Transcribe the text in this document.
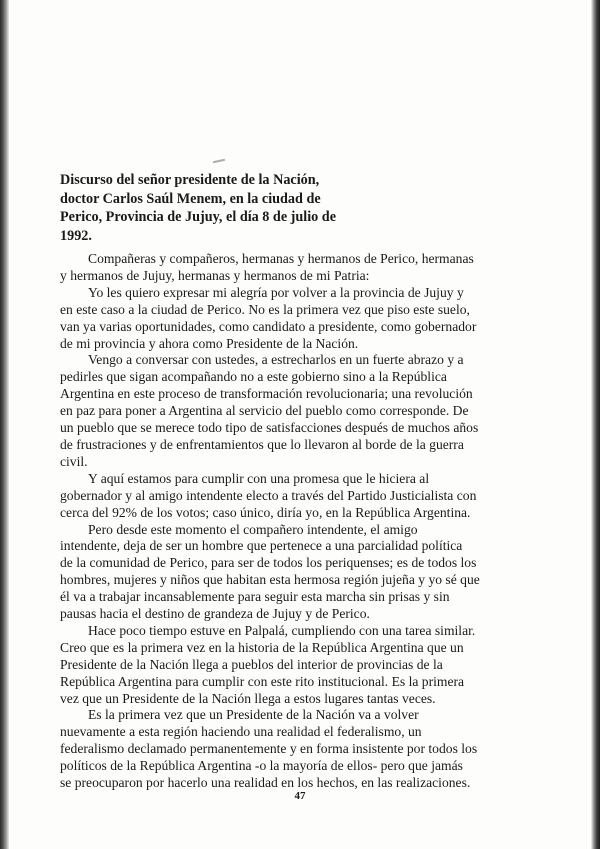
Discurso del señor presidente de la Nación,
doctor Carlos Saúl Menem, en la ciudad de
Perico, Provincia de Jujuy, el día 8 de julio de
1992.
Compañeras y compañeros, hermanas y hermanos de Perico, hermanas
y hermanos de Jujuy, hermanas y hermanos de mi Patria:
Yo les quiero expresar mi alegría por volver a la provincia de Jujuy y
en este caso a la ciudad de Perico. No es la primera vez que piso este suelo,
van ya varias oportunidades, como candidato a presidente, como gobernador
de mi provincia y ahora como Presidente de la Nación.
Vengo a conversar con ustedes, a estrecharlos en un fuerte abrazo y a
pedirles que sigan acompañando no a este gobierno sino a la República
Argentina en este proceso de transformación revolucionaria; una revolución
en paz para poner a Argentina al servicio del pueblo como corresponde. De
un pueblo que se merece todo tipo de satisfacciones después de muchos años
de frustraciones y de enfrentamientos que lo llevaron al borde de la guerra
civil.
Y aquí estamos para cumplir con una promesa que le hiciera al
gobernador y al amigo intendente electo a través del Partido Justicialista con
cerca del 92% de los votos; caso único, diría yo, en la República Argentina.
Pero desde este momento el compañero intendente, el amigo
intendente, deja de ser un hombre que pertenece a una parcialidad política
de la comunidad de Perico, para ser de todos los periquenses; es de todos los
hombres, mujeres y niños que habitan esta hermosa región jujeña y yo sé que
él va a trabajar incansablemente para seguir esta marcha sin prisas y sin
pausas hacia el destino de grandeza de Jujuy y de Perico.
Hace poco tiempo estuve en Palpalá, cumpliendo con una tarea similar.
Creo que es la primera vez en la historia de la República Argentina que un
Presidente de la Nación llega a pueblos del interior de provincias de la
República Argentina para cumplir con este rito institucional. Es la primera
vez que un Presidente de la Nación llega a estos lugares tantas veces.
Es la primera vez que un Presidente de la Nación va a volver
nuevamente a esta región haciendo una realidad el federalismo, un
federalismo declamado permanentemente y en forma insistente por todos los
políticos de la República Argentina -o la mayoría de ellos- pero que jamás
se preocuparon por hacerlo una realidad en los hechos, en las realizaciones.
47
